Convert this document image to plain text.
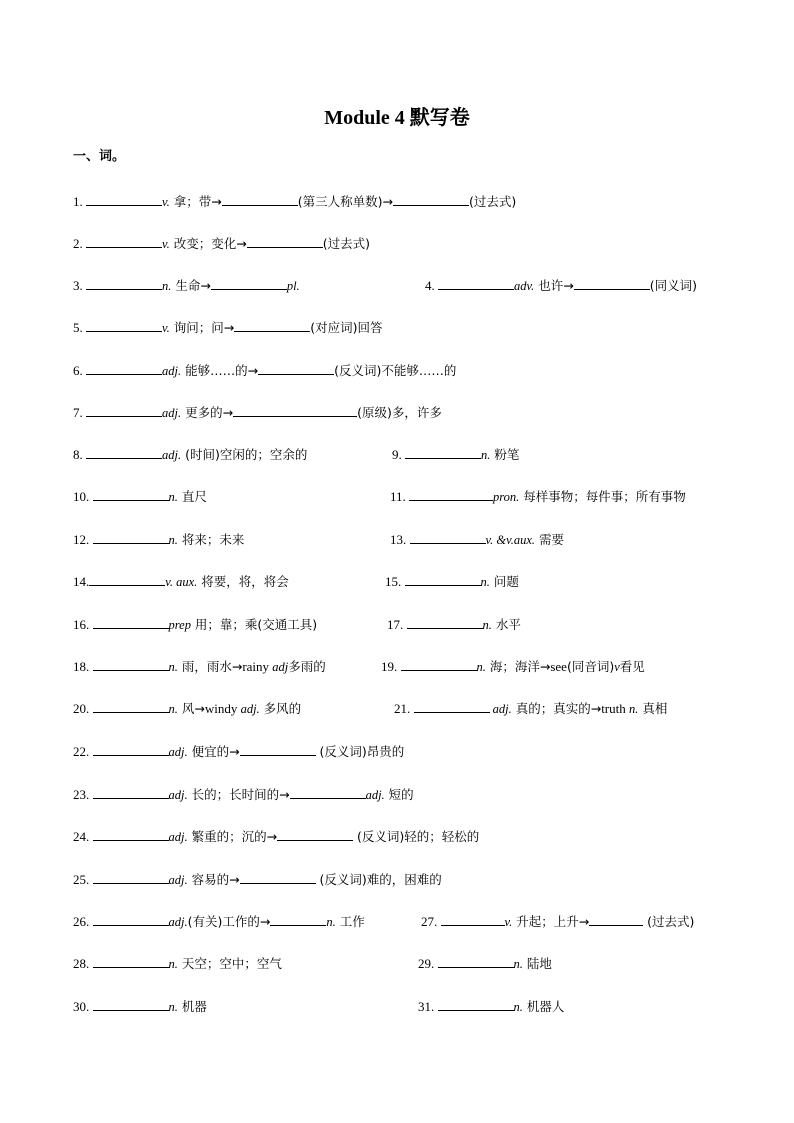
Module 4 默写卷
一、词。
1.	v. 拿；带→	(第三人称单数)→	(过去式)
2.	v. 改变；变化→	(过去式)
3.	n. 生命→	pl.	4.	adv. 也许→	(同义词)
5.	v. 询问；问→	(对应词)回答
6.	adj. 能够……的→	(反义词)不能够……的
7.	adj. 更多的→	(原级)多，许多
8.	adj. (时间)空闲的；空余的	9.	n. 粉笔
10.	n. 直尺	11.	pron. 每样事物；每件事；所有事物
12.	n. 将来；未来	13.	v. &v.aux. 需要
14.	v. aux. 将要，将，将会	15.	n. 问题
16.	prep 用；靠；乘(交通工具)	17.	n. 水平
18.	n. 雨，雨水→rainy adj多雨的	19.	n. 海；海洋→see(同音词)v看见
20.	n. 风→windy adj. 多风的	21.	adj. 真的；真实的→truth n. 真相
22.	adj. 便宜的→	(反义词)昂贵的
23.	adj. 长的；长时间的→	adj. 短的
24.	adj. 繁重的；沉的→	(反义词)轻的；轻松的
25.	adj. 容易的→	(反义词)难的，困难的
26.	adj.(有关)工作的→	n. 工作	27.	v. 升起；上升→	(过去式)
28.	n. 天空；空中；空气	29.	n. 陆地
30.	n. 机器	31.	n. 机器人
